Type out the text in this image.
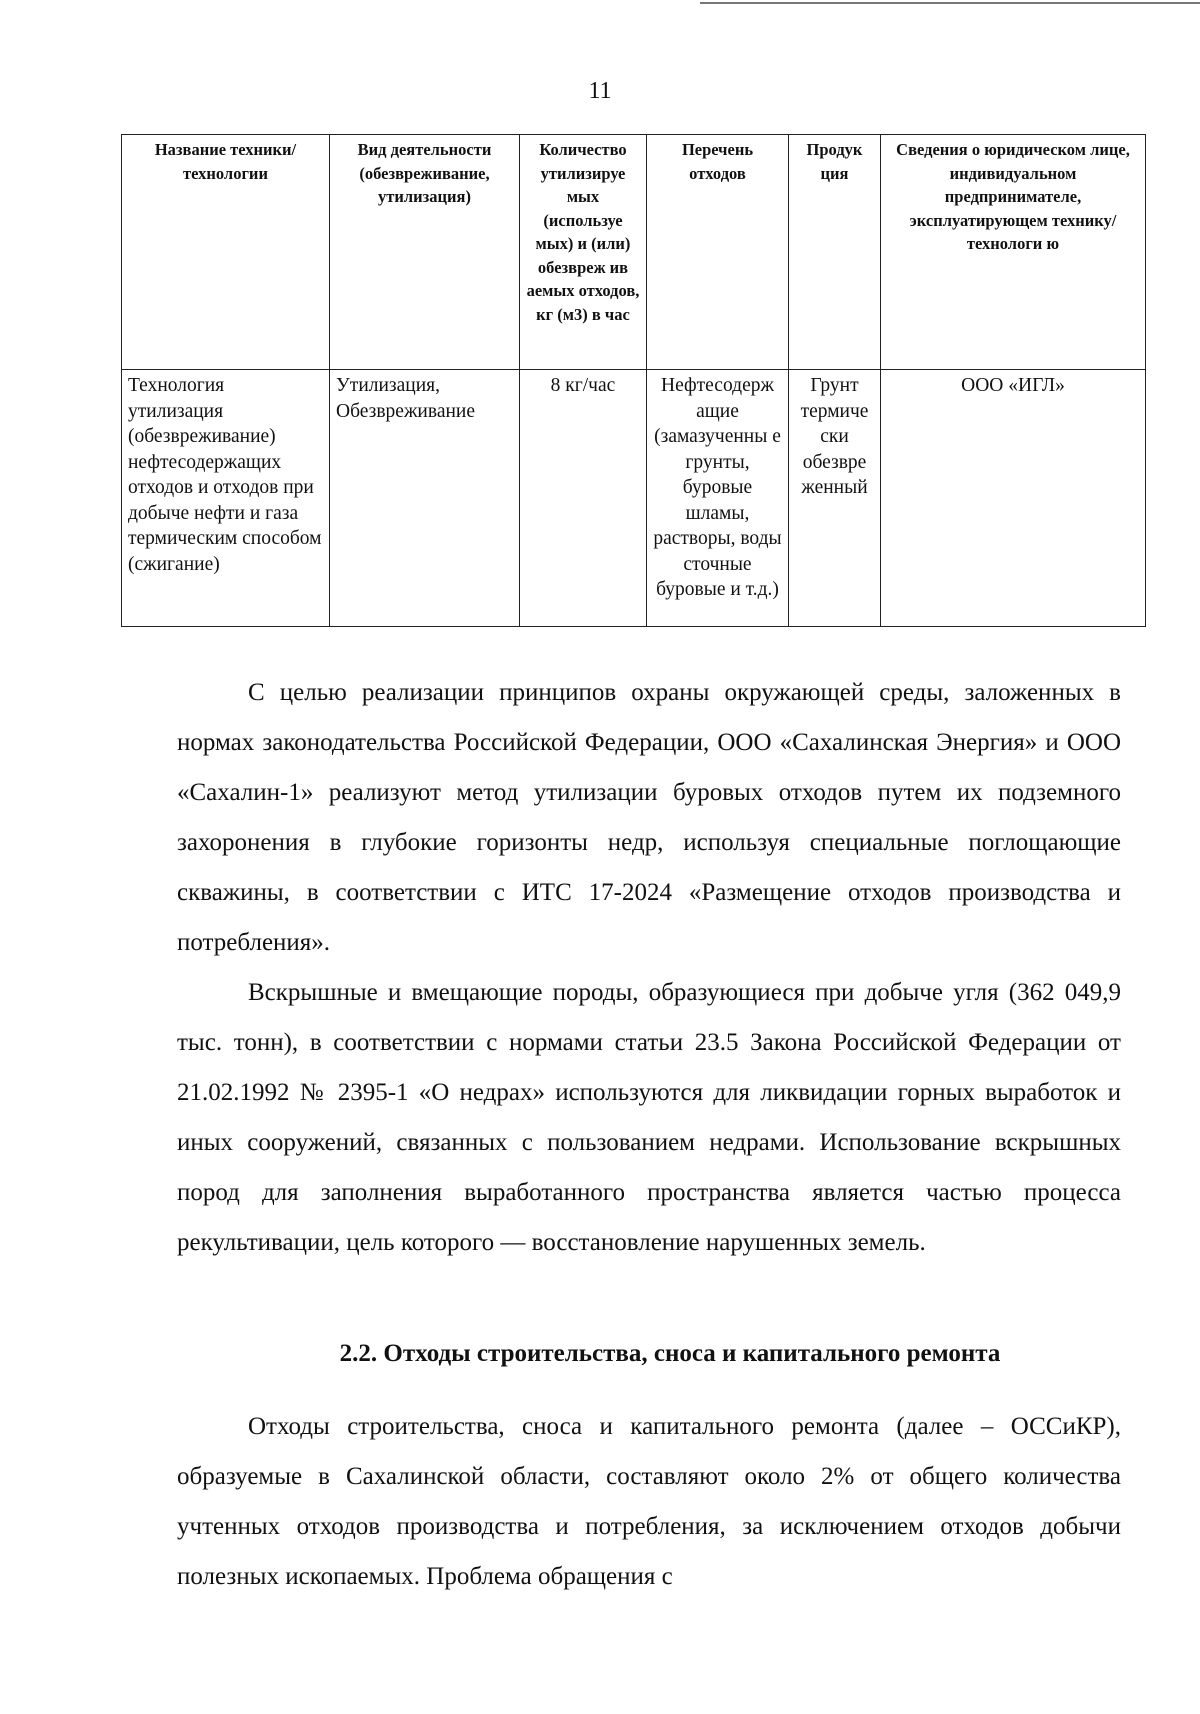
11
Название техники/ технологии	Вид деятельности (обезвреживание, утилизация)	Количество утилизируе мых (используе мых) и (или) обезвреж ив аемых отходов, кг (м3) в час	Перечень отходов	Продук ция	Сведения о юридическом лице, индивидуальном предпринимателе, эксплуатирующем технику/технологи ю
Технология утилизация (обезвреживание) нефтесодержащих отходов и отходов при добыче нефти и газа термическим способом (сжигание)	Утилизация, Обезвреживание	8 кг/час	Нефтесодерж ащие (замазученны е грунты, буровые шламы, растворы, воды сточные буровые и т.д.)	Грунт термиче ски обезвре женный	ООО «ИГЛ»

С целью реализации принципов охраны окружающей среды, заложенных в нормах законодательства Российской Федерации, ООО «Сахалинская Энергия» и ООО «Сахалин-1» реализуют метод утилизации буровых отходов путем их подземного захоронения в глубокие горизонты недр, используя специальные поглощающие скважины, в соответствии с ИТС 17-2024 «Размещение отходов производства и потребления».

Вскрышные и вмещающие породы, образующиеся при добыче угля (362 049,9 тыс. тонн), в соответствии с нормами статьи 23.5 Закона Российской Федерации от 21.02.1992 № 2395-1 «О недрах» используются для ликвидации горных выработок и иных сооружений, связанных с пользованием недрами. Использование вскрышных пород для заполнения выработанного пространства является частью процесса рекультивации, цель которого — восстановление нарушенных земель.

2.2. Отходы строительства, сноса и капитального ремонта

Отходы строительства, сноса и капитального ремонта (далее – ОССиКР), образуемые в Сахалинской области, составляют около 2% от общего количества учтенных отходов производства и потребления, за исключением отходов добычи полезных ископаемых. Проблема обращения с
